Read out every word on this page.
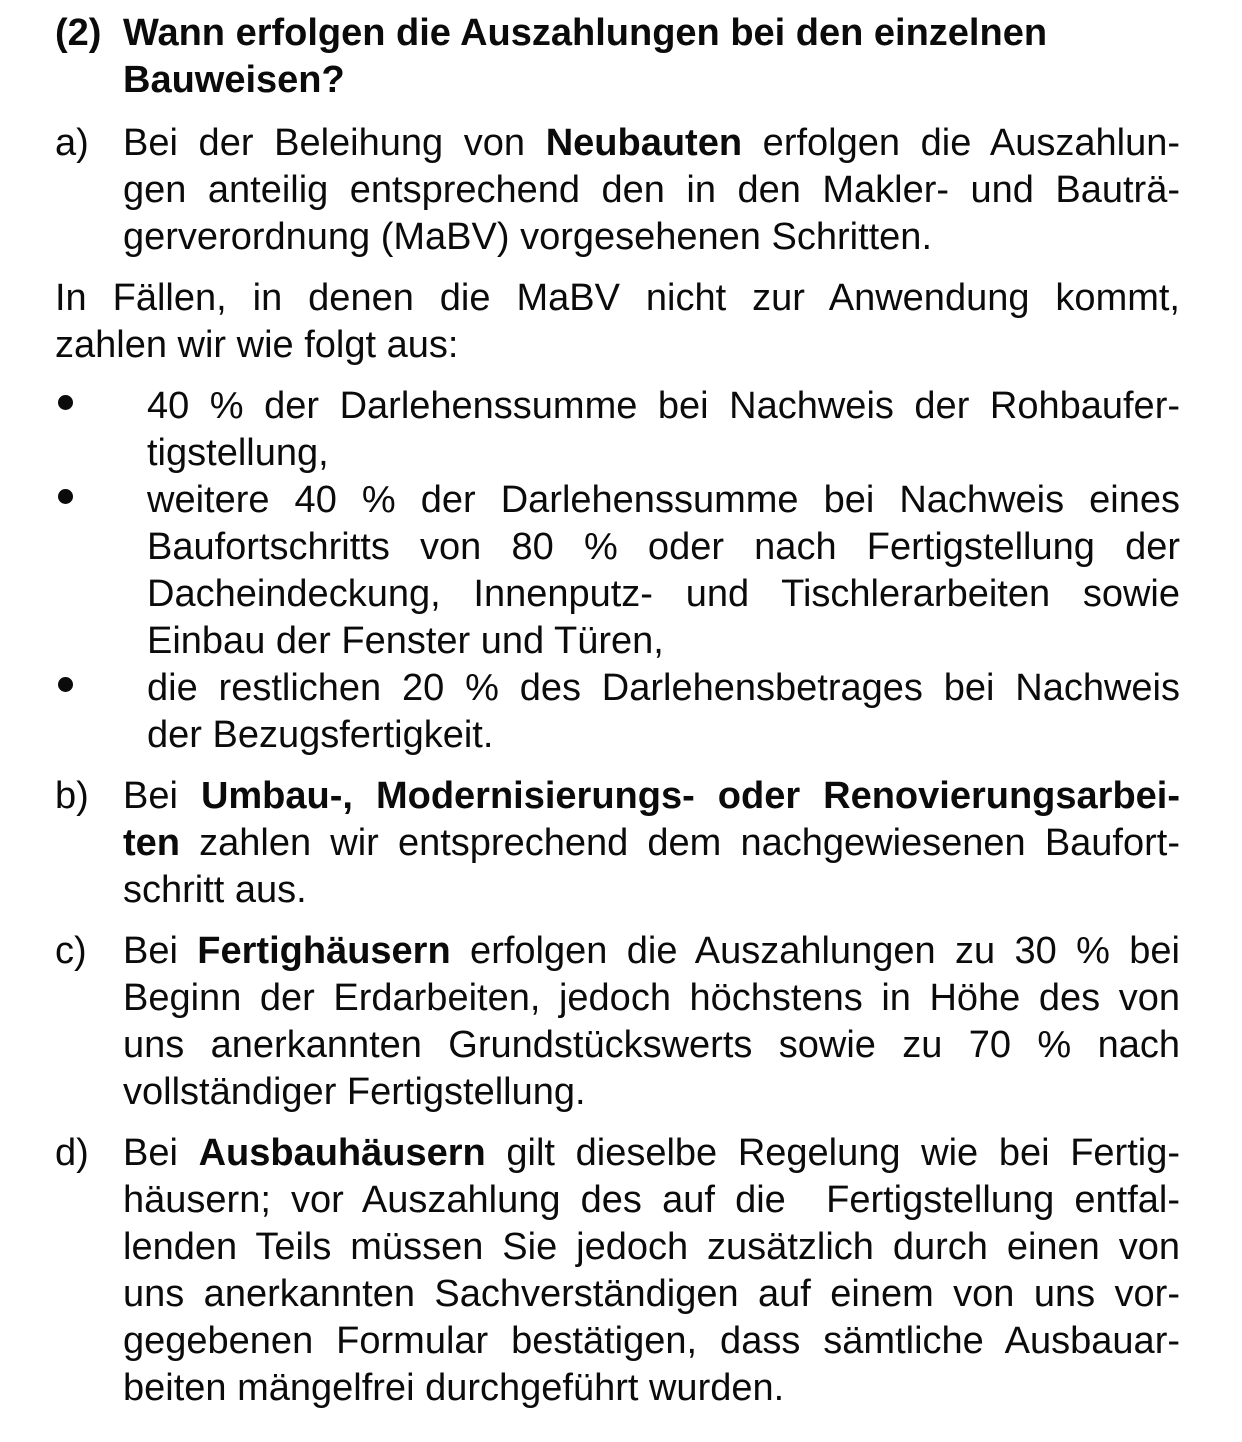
(2) Wann erfolgen die Auszahlungen bei den einzelnen
Bauweisen?
a) Bei der Beleihung von Neubauten erfolgen die Auszahlun-
gen anteilig entsprechend den in den Makler- und Bauträ-
gerverordnung (MaBV) vorgesehenen Schritten.
In Fällen, in denen die MaBV nicht zur Anwendung kommt,
zahlen wir wie folgt aus:
40 % der Darlehenssumme bei Nachweis der Rohbaufer-
tigstellung,
weitere 40 % der Darlehenssumme bei Nachweis eines
Baufortschritts von 80 % oder nach Fertigstellung der
Dacheindeckung, Innenputz- und Tischlerarbeiten sowie
Einbau der Fenster und Türen,
die restlichen 20 % des Darlehensbetrages bei Nachweis
der Bezugsfertigkeit.
b) Bei Umbau-, Modernisierungs- oder Renovierungsarbei-
ten zahlen wir entsprechend dem nachgewiesenen Baufort-
schritt aus.
c) Bei Fertighäusern erfolgen die Auszahlungen zu 30 % bei
Beginn der Erdarbeiten, jedoch höchstens in Höhe des von
uns anerkannten Grundstückswerts sowie zu 70 % nach
vollständiger Fertigstellung.
d) Bei Ausbauhäusern gilt dieselbe Regelung wie bei Fertig-
häusern; vor Auszahlung des auf die  Fertigstellung entfal-
lenden Teils müssen Sie jedoch zusätzlich durch einen von
uns anerkannten Sachverständigen auf einem von uns vor-
gegebenen Formular bestätigen, dass sämtliche Ausbauar-
beiten mängelfrei durchgeführt wurden.
